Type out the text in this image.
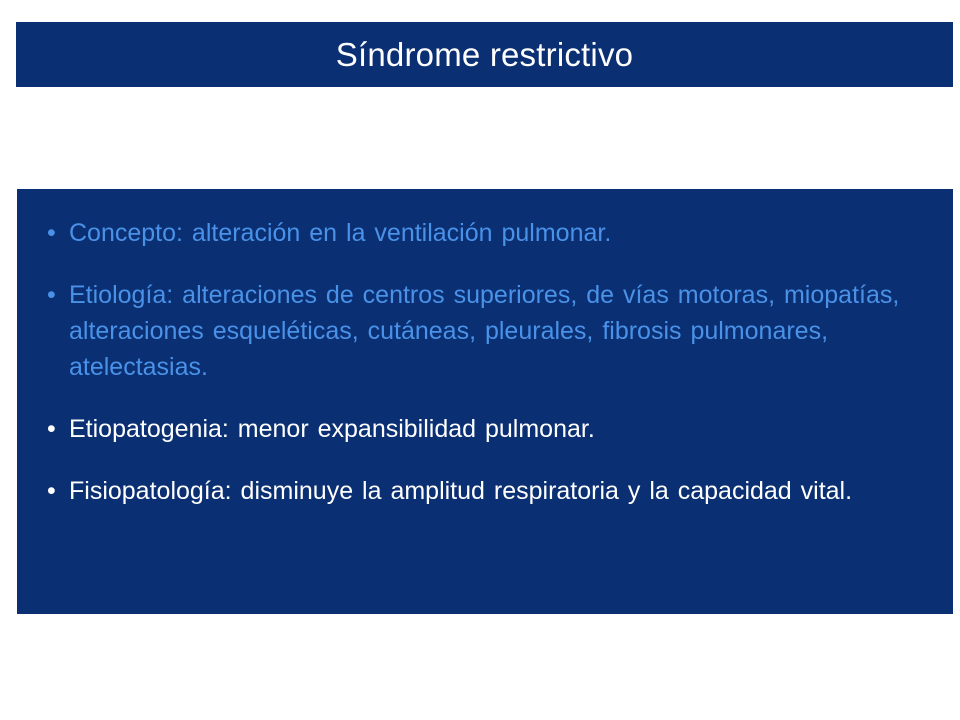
Síndrome restrictivo
• Concepto: alteración en la ventilación pulmonar.
• Etiología: alteraciones de centros superiores, de vías motoras, miopatías, alteraciones esqueléticas, cutáneas, pleurales, fibrosis pulmonares, atelectasias.
• Etiopatogenia: menor expansibilidad pulmonar.
• Fisiopatología: disminuye la amplitud respiratoria y la capacidad vital.
